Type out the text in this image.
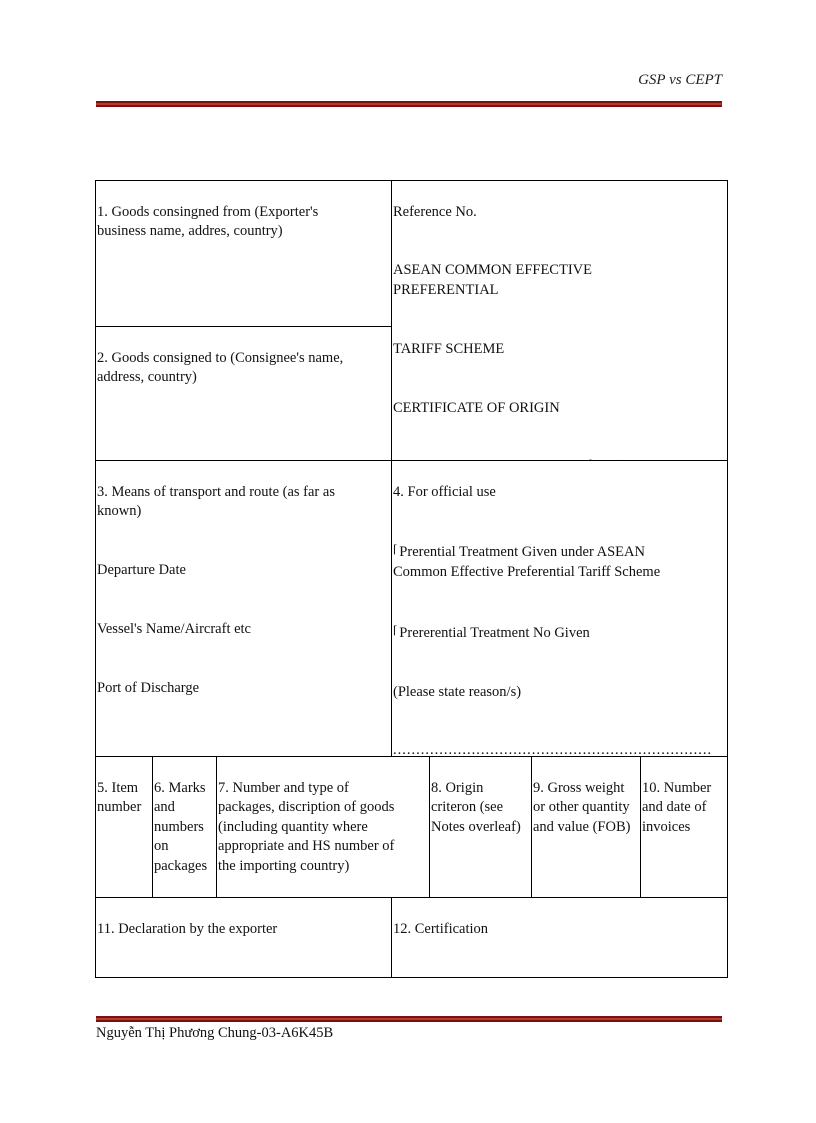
GSP vs CEPT

1. Goods consingned from (Exporter's
business name, addres, country)

2. Goods consigned to (Consignee's name,
address, country)

Reference No.

ASEAN COMMON EFFECTIVE
PREFERENTIAL

TARIFF SCHEME

CERTIFICATE OF ORIGIN

3. Means of transport and route (as far as
known)

Departure Date

Vessel's Name/Aircraft etc

Port of Discharge

4. For official use

⌈ Prerential Treatment Given under ASEAN
Common Effective Preferential Tariff Scheme

⌈ Prererential Treatment No Given

(Please state reason/s)

.....................................................................

5. Item
number

6. Marks
and
numbers
on
packages

7. Number and type of
packages, discription of goods
(including quantity where
appropriate and HS number of
the importing country)

8. Origin
criteron (see
Notes overleaf)

9. Gross weight
or other quantity
and value (FOB)

10. Number
and date of
invoices

11. Declaration by the exporter	12. Certification

Nguyễn Thị Phương Chung-03-A6K45B
